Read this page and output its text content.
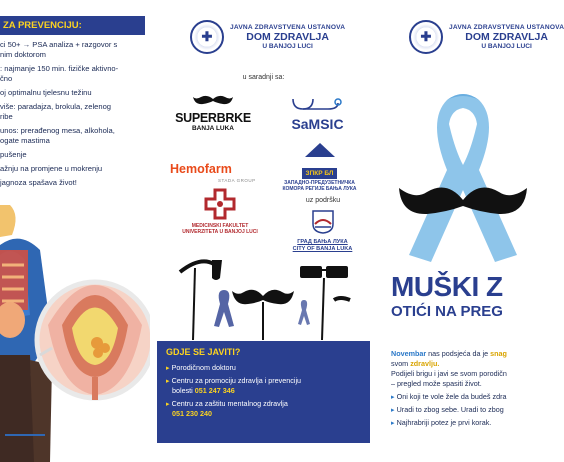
ZA PREVENCIJU:
ci 50+ → PSA analiza + razgovor s
nim doktorom
: najmanje 150 min. fizičke aktivno-
čno
oj optimalnu tjelesnu težinu
više: paradajza, brokula, zelenog
ribe
unos: prerađenog mesa, alkohola,
ogate mastima
pušenje
ažnju na promjene u mokrenju
jagnoza spašava život!
✚
JAVNA ZDRAVSTVENA USTANOVA
DOM ZDRAVLJA
U BANJOJ LUCI
u saradnji sa:
SUPERBRKE
BANJA LUKA	SaMSIC
Hemofarm
STADA GROUP
ЗПКР БЛ
ЗАПАДНО-ПРЕДУЗЕТНИЧКА
КОМОРА РЕГИЈЕ БАЊА ЛУКА
uz podršku
MEDICINSKI FAKULTET
UNIVERZITETA U BANJOJ LUCI
ГРАД БАЊА ЛУКА
CITY OF BANJA LUKA
GDJE SE JAVITI?
▸ Porodičnom doktoru
▸ Centru za promociju zdravlja i prevenciju
bolesti 051 247 346
▸ Centru za zaštitu mentalnog zdravlja
051 230 240
✚
JAVNA ZDRAVSTVENA USTANOVA
DOM ZDRAVLJA
U BANJOJ LUCI
MUŠKI Z
OTIĆI NA PREG
Novembar nas podsjeća da je snag
svom zdravlju.
Podijeli brigu i javi se svom porodičn
– pregled može spasiti život.
▸ Oni koji te vole žele da budeš zdra
▸ Uradi to zbog sebe. Uradi to zbog
▸ Najhrabriji potez je prvi korak.
